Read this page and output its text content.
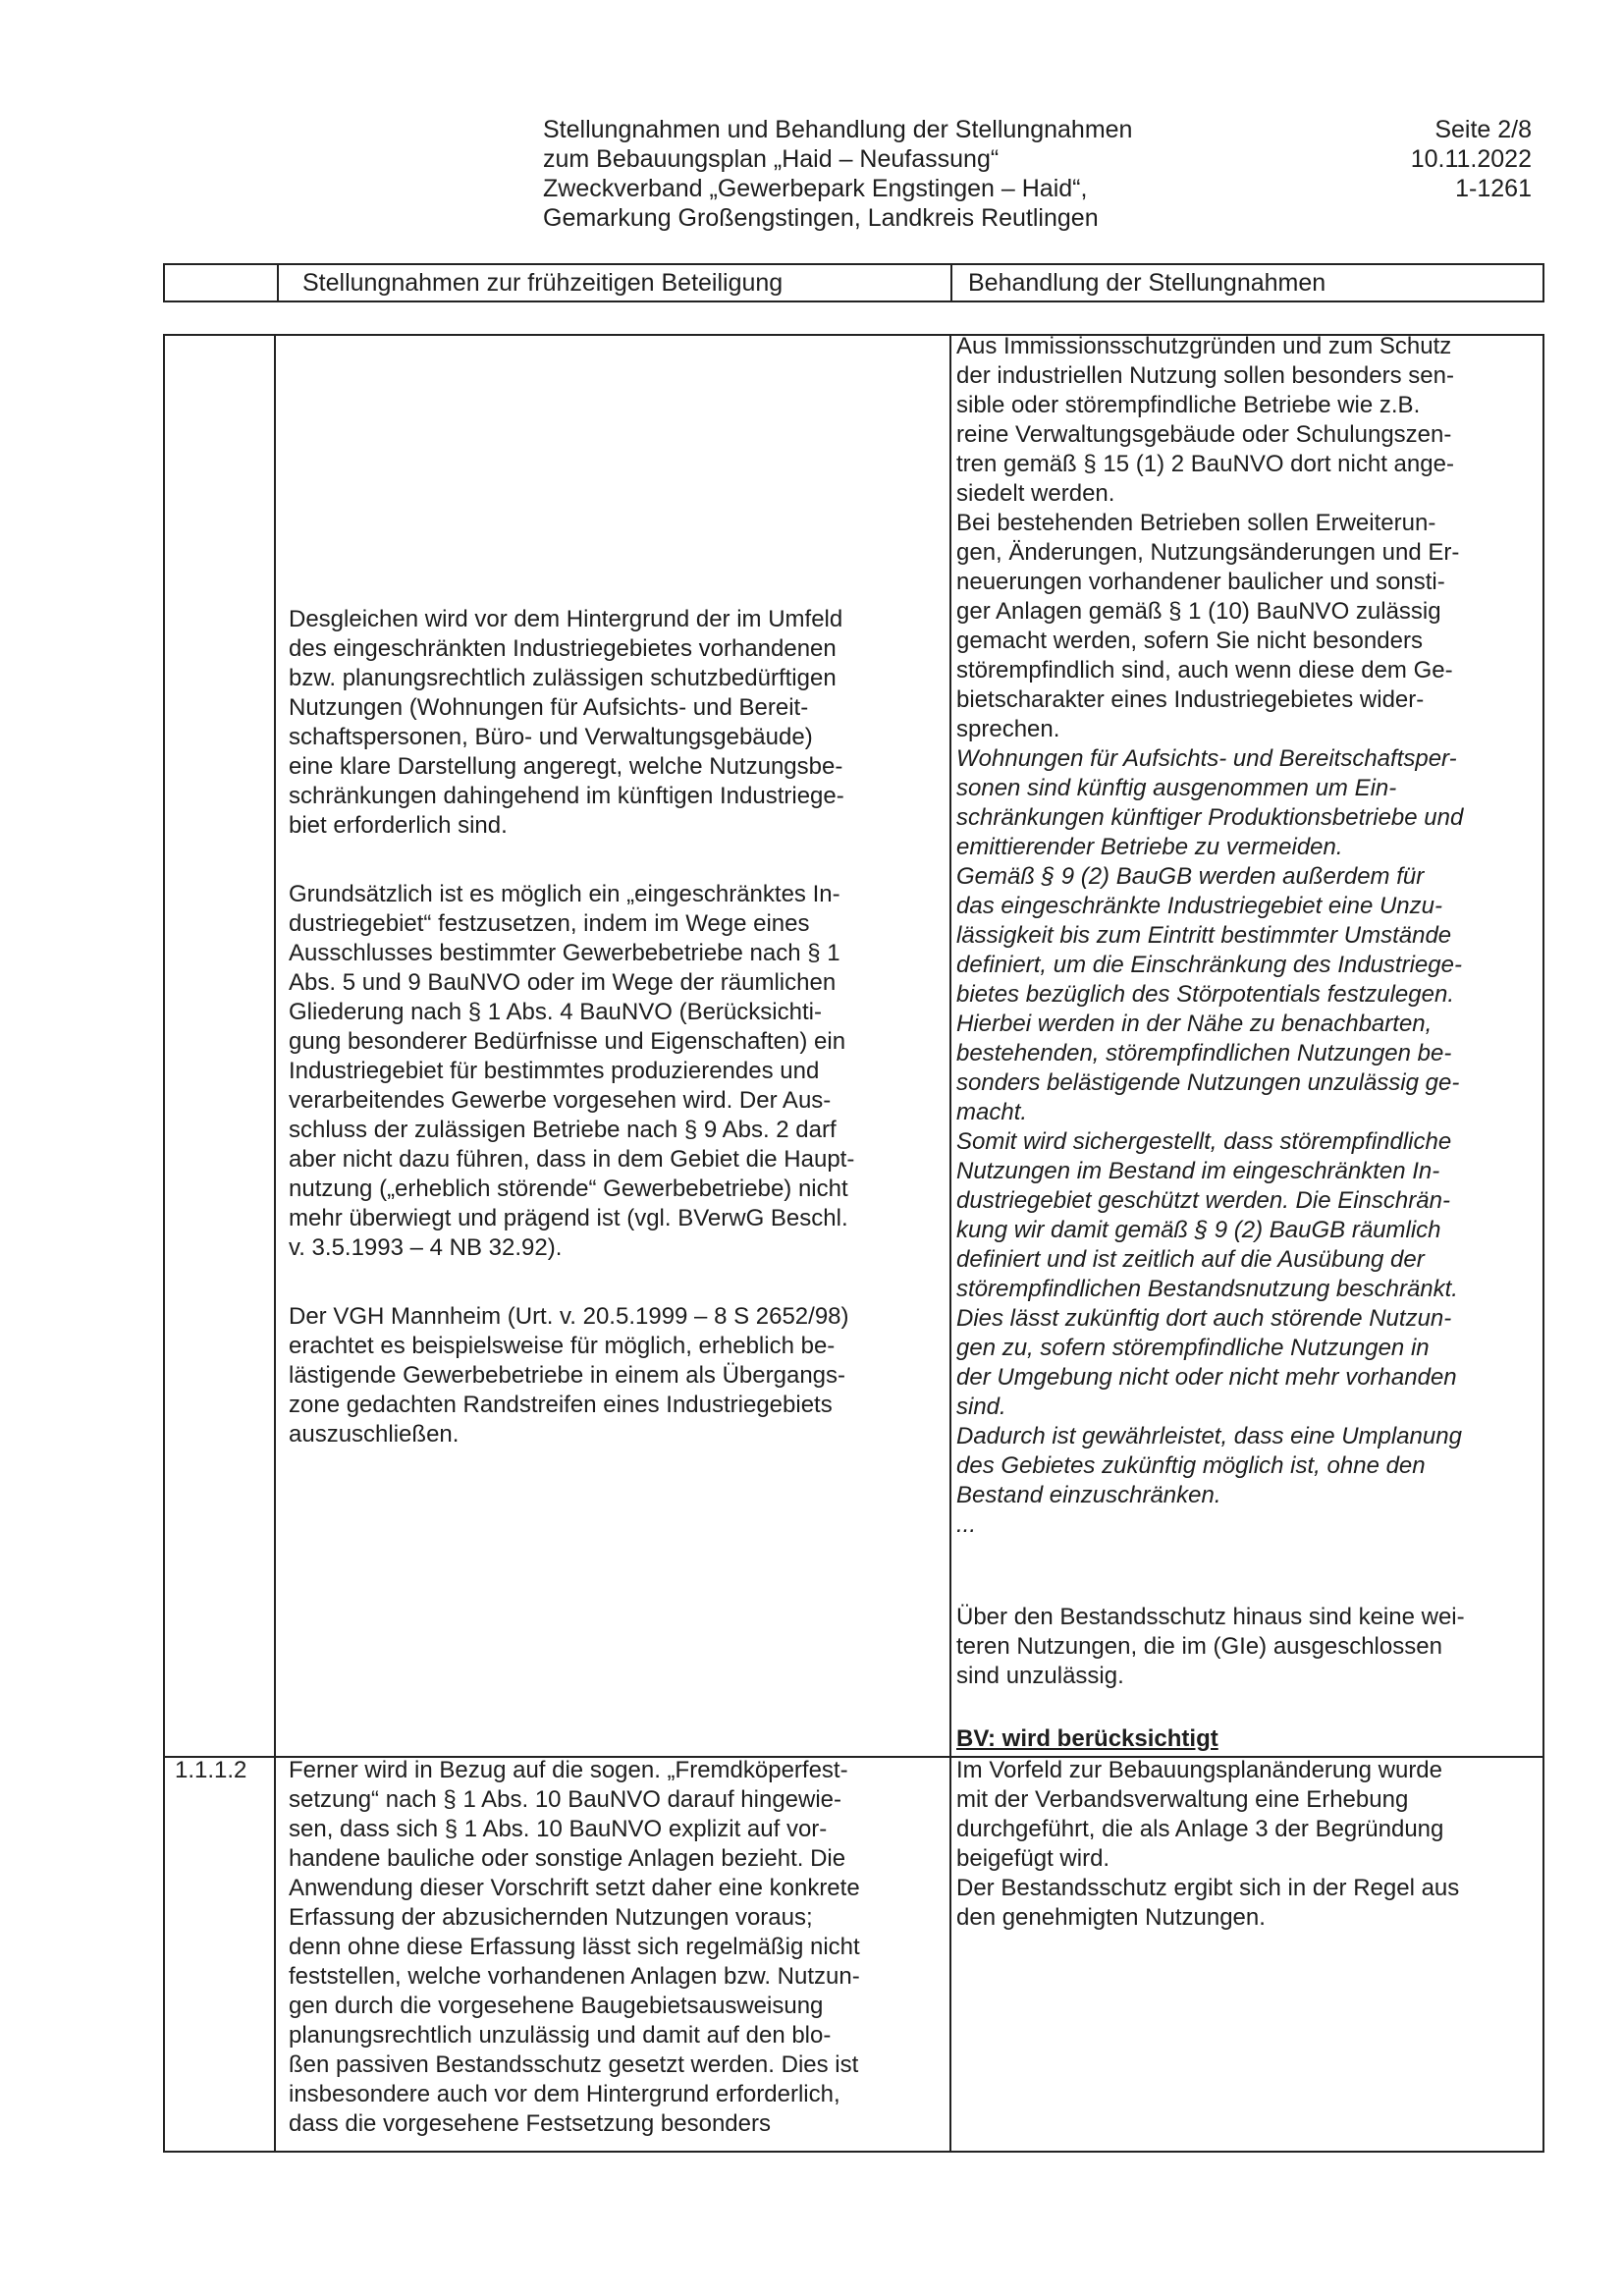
Stellungnahmen und Behandlung der Stellungnahmen
zum Bebauungsplan „Haid – Neufassung“
Zweckverband „Gewerbepark Engstingen – Haid“,
Gemarkung Großengstingen, Landkreis Reutlingen
Seite 2/8
10.11.2022
1-1261
Stellungnahmen zur frühzeitigen Beteiligung	Behandlung der Stellungnahmen
Desgleichen wird vor dem Hintergrund der im Umfeld
des eingeschränkten Industriegebietes vorhandenen
bzw. planungsrechtlich zulässigen schutzbedürftigen
Nutzungen (Wohnungen für Aufsichts- und Bereit-
schaftspersonen, Büro- und Verwaltungsgebäude)
eine klare Darstellung angeregt, welche Nutzungsbe-
schränkungen dahingehend im künftigen Industriege-
biet erforderlich sind.
Grundsätzlich ist es möglich ein „eingeschränktes In-
dustriegebiet“ festzusetzen, indem im Wege eines
Ausschlusses bestimmter Gewerbebetriebe nach § 1
Abs. 5 und 9 BauNVO oder im Wege der räumlichen
Gliederung nach § 1 Abs. 4 BauNVO (Berücksichti-
gung besonderer Bedürfnisse und Eigenschaften) ein
Industriegebiet für bestimmtes produzierendes und
verarbeitendes Gewerbe vorgesehen wird. Der Aus-
schluss der zulässigen Betriebe nach § 9 Abs. 2 darf
aber nicht dazu führen, dass in dem Gebiet die Haupt-
nutzung („erheblich störende“ Gewerbebetriebe) nicht
mehr überwiegt und prägend ist (vgl. BVerwG Beschl.
v. 3.5.1993 – 4 NB 32.92).
Der VGH Mannheim (Urt. v. 20.5.1999 – 8 S 2652/98)
erachtet es beispielsweise für möglich, erheblich be-
lästigende Gewerbebetriebe in einem als Übergangs-
zone gedachten Randstreifen eines Industriegebiets
auszuschließen.
Aus Immissionsschutzgründen und zum Schutz
der industriellen Nutzung sollen besonders sen-
sible oder störempfindliche Betriebe wie z.B.
reine Verwaltungsgebäude oder Schulungszen-
tren gemäß § 15 (1) 2 BauNVO dort nicht ange-
siedelt werden.
Bei bestehenden Betrieben sollen Erweiterun-
gen, Änderungen, Nutzungsänderungen und Er-
neuerungen vorhandener baulicher und sonsti-
ger Anlagen gemäß § 1 (10) BauNVO zulässig
gemacht werden, sofern Sie nicht besonders
störempfindlich sind, auch wenn diese dem Ge-
bietscharakter eines Industriegebietes wider-
sprechen.
Wohnungen für Aufsichts- und Bereitschaftsper-
sonen sind künftig ausgenommen um Ein-
schränkungen künftiger Produktionsbetriebe und
emittierender Betriebe zu vermeiden.
Gemäß § 9 (2) BauGB werden außerdem für
das eingeschränkte Industriegebiet eine Unzu-
lässigkeit bis zum Eintritt bestimmter Umstände
definiert, um die Einschränkung des Industriege-
bietes bezüglich des Störpotentials festzulegen.
Hierbei werden in der Nähe zu benachbarten,
bestehenden, störempfindlichen Nutzungen be-
sonders belästigende Nutzungen unzulässig ge-
macht.
Somit wird sichergestellt, dass störempfindliche
Nutzungen im Bestand im eingeschränkten In-
dustriegebiet geschützt werden. Die Einschrän-
kung wir damit gemäß § 9 (2) BauGB räumlich
definiert und ist zeitlich auf die Ausübung der
störempfindlichen Bestandsnutzung beschränkt.
Dies lässt zukünftig dort auch störende Nutzun-
gen zu, sofern störempfindliche Nutzungen in
der Umgebung nicht oder nicht mehr vorhanden
sind.
Dadurch ist gewährleistet, dass eine Umplanung
des Gebietes zukünftig möglich ist, ohne den
Bestand einzuschränken.
...
Über den Bestandsschutz hinaus sind keine wei-
teren Nutzungen, die im (GIe) ausgeschlossen
sind unzulässig.
BV: wird berücksichtigt
1.1.1.2	Ferner wird in Bezug auf die sogen. „Fremdköperfest-
setzung“ nach § 1 Abs. 10 BauNVO darauf hingewie-
sen, dass sich § 1 Abs. 10 BauNVO explizit auf vor-
handene bauliche oder sonstige Anlagen bezieht. Die
Anwendung dieser Vorschrift setzt daher eine konkrete
Erfassung der abzusichernden Nutzungen voraus;
denn ohne diese Erfassung lässt sich regelmäßig nicht
feststellen, welche vorhandenen Anlagen bzw. Nutzun-
gen durch die vorgesehene Baugebietsausweisung
planungsrechtlich unzulässig und damit auf den blo-
ßen passiven Bestandsschutz gesetzt werden. Dies ist
insbesondere auch vor dem Hintergrund erforderlich,
dass die vorgesehene Festsetzung besonders
Im Vorfeld zur Bebauungsplanänderung wurde
mit der Verbandsverwaltung eine Erhebung
durchgeführt, die als Anlage 3 der Begründung
beigefügt wird.
Der Bestandsschutz ergibt sich in der Regel aus
den genehmigten Nutzungen.
